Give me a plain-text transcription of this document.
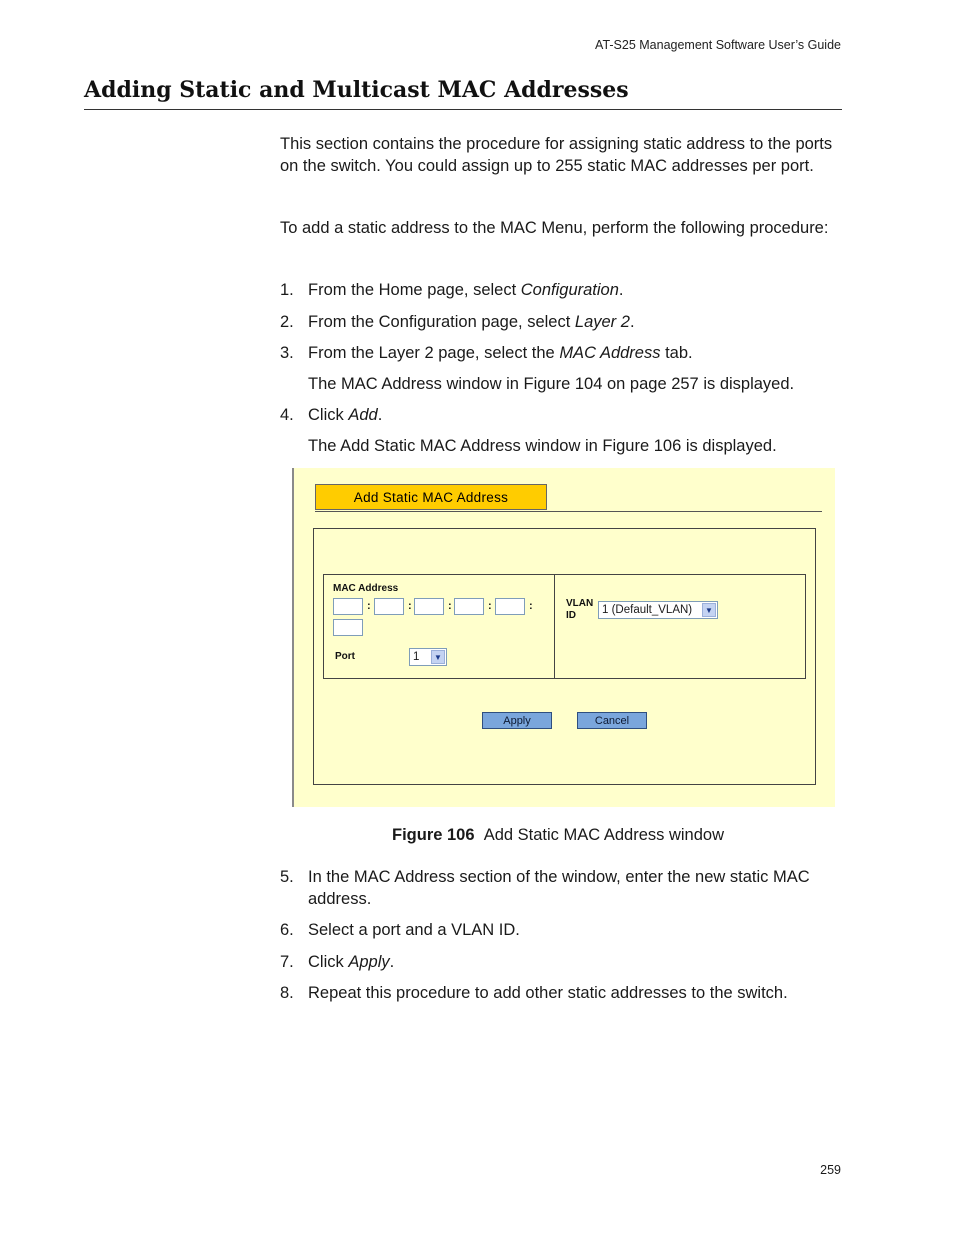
AT-S25 Management Software User’s Guide
Adding Static and Multicast MAC Addresses

This section contains the procedure for assigning static address to the ports on the switch. You could assign up to 255 static MAC addresses per port.

To add a static address to the MAC Menu, perform the following procedure:

1. From the Home page, select Configuration.
2. From the Configuration page, select Layer 2.
3. From the Layer 2 page, select the MAC Address tab.

The MAC Address window in Figure 104 on page 257 is displayed.

4. Click Add.

The Add Static MAC Address window in Figure 106 is displayed.

Add Static MAC Address
MAC Address
:	:	:	:	:
Port	1	▼
VLAN
ID 1 (Default_VLAN)	▼
Apply	Cancel
Figure 106 Add Static MAC Address window
5. In the MAC Address section of the window, enter the new static MAC address.
6. Select a port and a VLAN ID.
7. Click Apply.
8. Repeat this procedure to add other static addresses to the switch.
259
